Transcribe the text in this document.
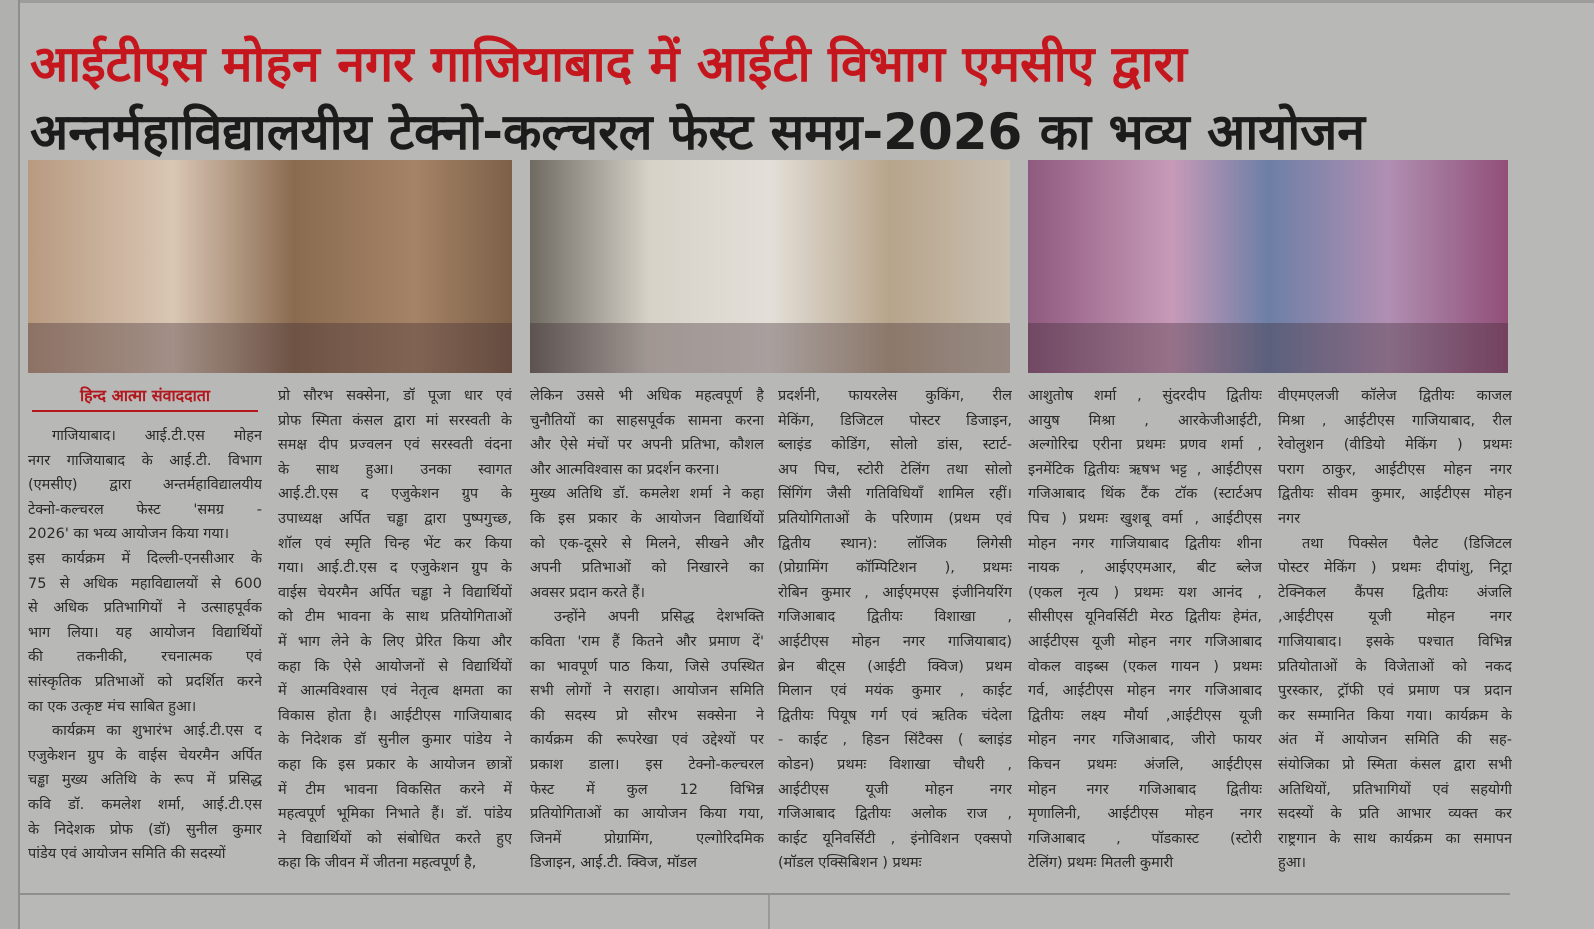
आईटीएस मोहन नगर गाजियाबाद में आईटी विभाग एमसीए द्वारा
अन्तर्महाविद्यालयीय टेक्नो-कल्चरल फेस्ट समग्र-2026 का भव्य आयोजन
हिन्द आत्मा संवाददाता
गाजियाबाद। आई.टी.एस मोहन
नगर गाजियाबाद के आई.टी. विभाग
(एमसीए) द्वारा अन्तर्महाविद्यालयीय
टेक्नो-कल्चरल फेस्ट 'समग्र -
2026' का भव्य आयोजन किया गया।
इस कार्यक्रम में दिल्ली-एनसीआर के
75 से अधिक महाविद्यालयों से 600
से अधिक प्रतिभागियों ने उत्साहपूर्वक
भाग लिया। यह आयोजन विद्यार्थियों
की तकनीकी, रचनात्मक एवं
सांस्कृतिक प्रतिभाओं को प्रदर्शित करने
का एक उत्कृष्ट मंच साबित हुआ।
कार्यक्रम का शुभारंभ आई.टी.एस द
एजुकेशन ग्रुप के वाईस चेयरमैन अर्पित
चड्ढा मुख्य अतिथि के रूप में प्रसिद्ध
कवि डॉ. कमलेश शर्मा, आई.टी.एस
के निदेशक प्रोफ (डॉ) सुनील कुमार
पांडेय एवं आयोजन समिति की सदस्यों
प्रो सौरभ सक्सेना, डॉ पूजा धार एवं
प्रोफ स्मिता कंसल द्वारा मां सरस्वती के
समक्ष दीप प्रज्वलन एवं सरस्वती वंदना
के साथ हुआ। उनका स्वागत
आई.टी.एस द एजुकेशन ग्रुप के
उपाध्यक्ष अर्पित चड्ढा द्वारा पुष्पगुच्छ,
शॉल एवं स्मृति चिन्ह भेंट कर किया
गया। आई.टी.एस द एजुकेशन ग्रुप के
वाईस चेयरमैन अर्पित चड्ढा ने विद्यार्थियों
को टीम भावना के साथ प्रतियोगिताओं
में भाग लेने के लिए प्रेरित किया और
कहा कि ऐसे आयोजनों से विद्यार्थियों
में आत्मविश्वास एवं नेतृत्व क्षमता का
विकास होता है। आईटीएस गाजियाबाद
के निदेशक डॉ सुनील कुमार पांडेय ने
कहा कि इस प्रकार के आयोजन छात्रों
में टीम भावना विकसित करने में
महत्वपूर्ण भूमिका निभाते हैं। डॉ. पांडेय
ने विद्यार्थियों को संबोधित करते हुए
कहा कि जीवन में जीतना महत्वपूर्ण है,
लेकिन उससे भी अधिक महत्वपूर्ण है
चुनौतियों का साहसपूर्वक सामना करना
और ऐसे मंचों पर अपनी प्रतिभा, कौशल
और आत्मविश्वास का प्रदर्शन करना।
मुख्य अतिथि डॉ. कमलेश शर्मा ने कहा
कि इस प्रकार के आयोजन विद्यार्थियों
को एक-दूसरे से मिलने, सीखने और
अपनी प्रतिभाओं को निखारने का
अवसर प्रदान करते हैं।
उन्होंने अपनी प्रसिद्ध देशभक्ति
कविता 'राम हैं कितने और प्रमाण दें'
का भावपूर्ण पाठ किया, जिसे उपस्थित
सभी लोगों ने सराहा। आयोजन समिति
की सदस्य प्रो सौरभ सक्सेना ने
कार्यक्रम की रूपरेखा एवं उद्देश्यों पर
प्रकाश डाला। इस टेक्नो-कल्चरल
फेस्ट में कुल 12 विभिन्न
प्रतियोगिताओं का आयोजन किया गया,
जिनमें प्रोग्रामिंग, एल्गोरिदमिक
डिजाइन, आई.टी. क्विज, मॉडल
प्रदर्शनी, फायरलेस कुकिंग, रील
मेकिंग, डिजिटल पोस्टर डिजाइन,
ब्लाइंड कोडिंग, सोलो डांस, स्टार्ट-
अप पिच, स्टोरी टेलिंग तथा सोलो
सिंगिंग जैसी गतिविधियाँ शामिल रहीं।
प्रतियोगिताओं के परिणाम (प्रथम एवं
द्वितीय स्थान): लॉजिक लिगेसी
(प्रोग्रामिंग कॉम्पिटिशन ), प्रथमः
रोबिन कुमार , आईएमएस इंजीनियरिंग
गजिआबाद द्वितीयः विशाखा ,
आईटीएस मोहन नगर गाजियाबाद)
ब्रेन बीट्स (आईटी क्विज) प्रथम
मिलान एवं मयंक कुमार , काईट
द्वितीयः पियूष गर्ग एवं ऋतिक चंदेला
- काईट , हिडन सिंटैक्स ( ब्लाइंड
कोडन) प्रथमः विशाखा चौधरी ,
आईटीएस यूजी मोहन नगर
गजिआबाद द्वितीयः अलोक राज ,
काईट यूनिवर्सिटी , इंनोविशन एक्सपो
(मॉडल एक्सिबिशन ) प्रथमः
आशुतोष शर्मा , सुंदरदीप द्वितीयः
आयुष मिश्रा , आरकेजीआईटी,
अल्गोरिद्म एरीना प्रथमः प्रणव शर्मा ,
इनमेंटिक द्वितीयः ऋषभ भट्ट , आईटीएस
गजिआबाद थिंक टैंक टॉक (स्टार्टअप
पिच ) प्रथमः खुशबू वर्मा , आईटीएस
मोहन नगर गाजियाबाद द्वितीयः शीना
नायक , आईएएमआर, बीट ब्लेज
(एकल नृत्य ) प्रथमः यश आनंद ,
सीसीएस यूनिवर्सिटी मेरठ द्वितीयः हेमंत,
आईटीएस यूजी मोहन नगर गजिआबाद
वोकल वाइब्स (एकल गायन ) प्रथमः
गर्व, आईटीएस मोहन नगर गजिआबाद
द्वितीयः लक्ष्य मौर्या ,आईटीएस यूजी
मोहन नगर गजिआबाद, जीरो फायर
किचन प्रथमः अंजलि, आईटीएस
मोहन नगर गजिआबाद द्वितीयः
मृणालिनी, आईटीएस मोहन नगर
गजिआबाद , पॉडकास्ट (स्टोरी
टेलिंग) प्रथमः मितली कुमारी
वीएमएलजी कॉलेज द्वितीयः काजल
मिश्रा , आईटीएस गाजियाबाद, रील
रेवोलुशन (वीडियो मेकिंग ) प्रथमः
पराग ठाकुर, आईटीएस मोहन नगर
द्वितीयः सीवम कुमार, आईटीएस मोहन
नगर
तथा पिक्सेल पैलेट (डिजिटल
पोस्टर मेकिंग ) प्रथमः दीपांशु, निट्रा
टेक्निकल कैंपस द्वितीयः अंजलि
,आईटीएस यूजी मोहन नगर
गाजियाबाद। इसके पश्चात विभिन्न
प्रतियोताओं के विजेताओं को नकद
पुरस्कार, ट्रॉफी एवं प्रमाण पत्र प्रदान
कर सम्मानित किया गया। कार्यक्रम के
अंत में आयोजन समिति की सह-
संयोजिका प्रो स्मिता कंसल द्वारा सभी
अतिथियों, प्रतिभागियों एवं सहयोगी
सदस्यों के प्रति आभार व्यक्त कर
राष्ट्रगान के साथ कार्यक्रम का समापन
हुआ।
